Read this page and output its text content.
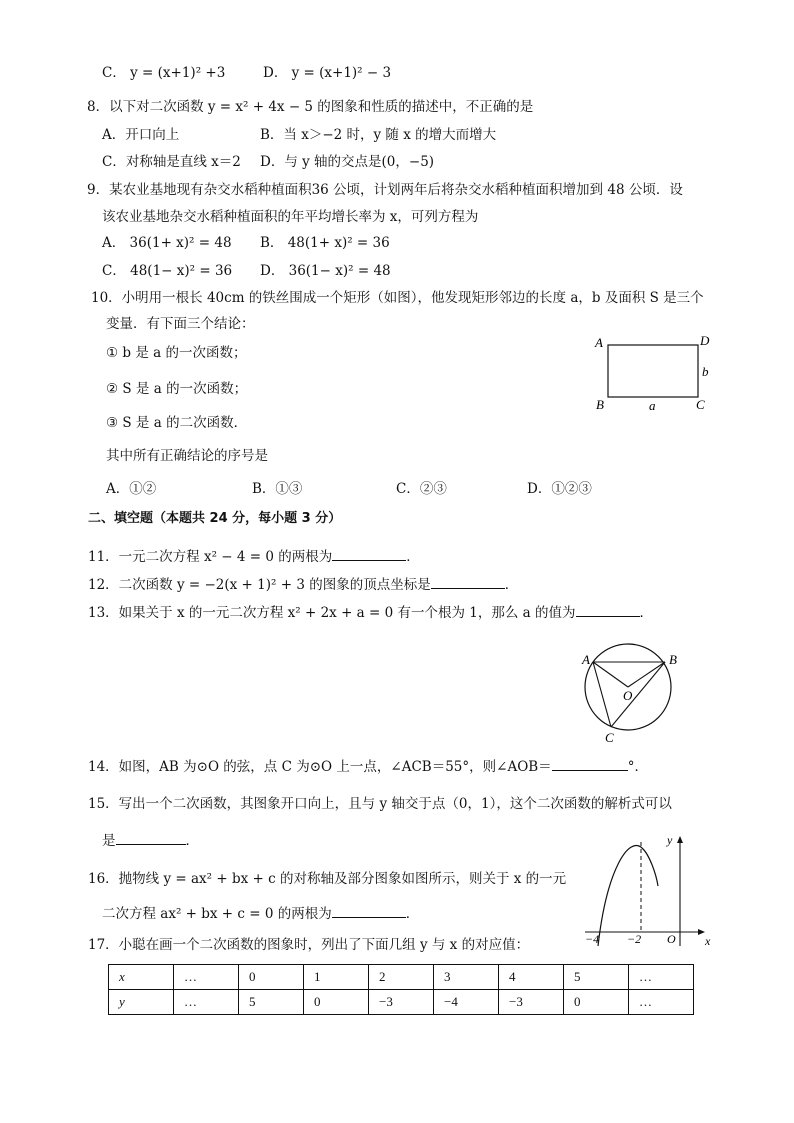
C． y = (x+1)² +3	D． y = (x+1)² − 3
8．以下对二次函数 y = x² + 4x − 5 的图象和性质的描述中，不正确的是
A．开口向上	B．当 x＞−2 时，y 随 x 的增大而增大
C．对称轴是直线 x＝2 D．与 y 轴的交点是(0，−5)
9．某农业基地现有杂交水稻种植面积36 公顷，计划两年后将杂交水稻种植面积增加到 48 公顷．设
该农业基地杂交水稻种植面积的年平均增长率为 x，可列方程为
A． 36(1+ x)² = 48 B． 48(1+ x)² = 36
C． 48(1− x)² = 36 D． 36(1− x)² = 48
10．小明用一根长 40cm 的铁丝围成一个矩形（如图），他发现矩形邻边的长度 a，b 及面积 S 是三个
变量．有下面三个结论：
① b 是 a 的一次函数；
② S 是 a 的一次函数；
③ S 是 a 的二次函数．
其中所有正确结论的序号是
A．①②	B．①③	C．②③	D．①②③
A	D
B	C
a
b
二、填空题（本题共 24 分，每小题 3 分）
11．一元二次方程 x² − 4 = 0 的两根为	．
12．二次函数 y = −2(x + 1)² + 3 的图象的顶点坐标是	．
13．如果关于 x 的一元二次方程 x² + 2x + a = 0 有一个根为 1，那么 a 的值为	．
A	B
O
C
14．如图，AB 为⊙O 的弦，点 C 为⊙O 上一点，∠ACB＝55°，则∠AOB＝	°．
15．写出一个二次函数，其图象开口向上，且与 y 轴交于点（0，1），这个二次函数的解析式可以
是	．
16．抛物线 y = ax² + bx + c 的对称轴及部分图象如图所示，则关于 x 的一元
二次方程 ax² + bx + c = 0 的两根为	．
y
x
O
−4 −2
17．小聪在画一个二次函数的图象时，列出了下面几组 y 与 x 的对应值：
x	…	0	1	2	3	4	5	…
y	…	5	0	−3	−4	−3	0	…
